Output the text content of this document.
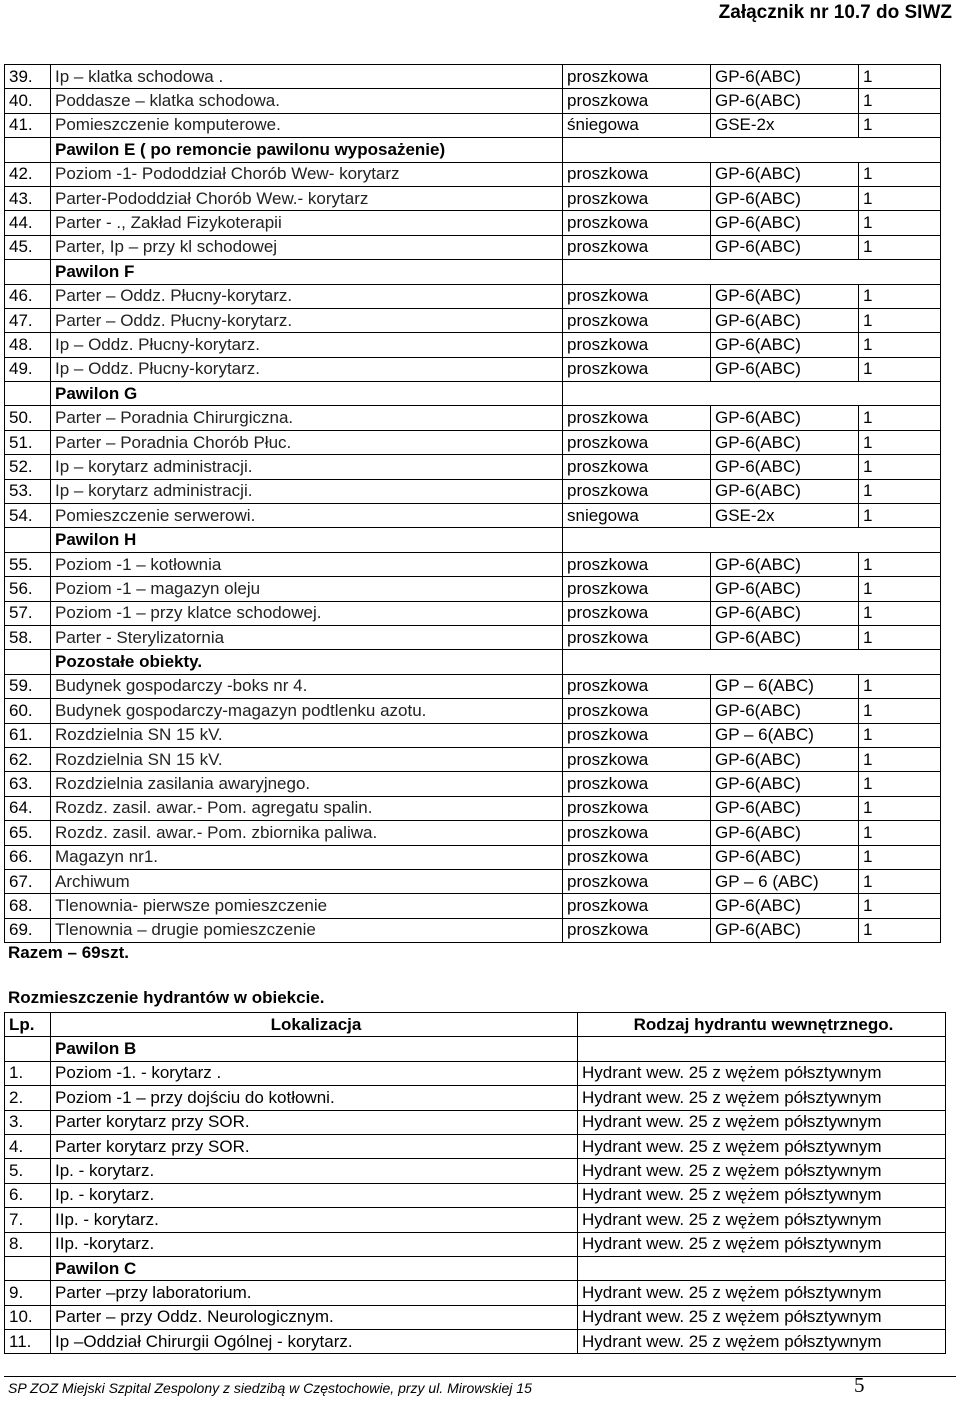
Załącznik nr 10.7 do SIWZ
39.	Ip – klatka schodowa .	proszkowa	GP-6(ABC)	1
40.	Poddasze – klatka schodowa.	proszkowa	GP-6(ABC)	1
41.	Pomieszczenie komputerowe.	śniegowa	GSE-2x	1
	Pawilon E ( po remoncie pawilonu wyposażenie)			
42.	Poziom -1- Pododdział Chorób Wew- korytarz	proszkowa	GP-6(ABC)	1
43.	Parter-Pododdział Chorób Wew.- korytarz	proszkowa	GP-6(ABC)	1
44.	Parter - ., Zakład Fizykoterapii	proszkowa	GP-6(ABC)	1
45.	Parter, Ip – przy kl schodowej	proszkowa	GP-6(ABC)	1
	Pawilon F			
46.	Parter – Oddz. Płucny-korytarz.	proszkowa	GP-6(ABC)	1
47.	Parter – Oddz. Płucny-korytarz.	proszkowa	GP-6(ABC)	1
48.	Ip – Oddz. Płucny-korytarz.	proszkowa	GP-6(ABC)	1
49.	Ip – Oddz. Płucny-korytarz.	proszkowa	GP-6(ABC)	1
	Pawilon G			
50.	Parter – Poradnia Chirurgiczna.	proszkowa	GP-6(ABC)	1
51.	Parter – Poradnia Chorób Płuc.	proszkowa	GP-6(ABC)	1
52.	Ip – korytarz administracji.	proszkowa	GP-6(ABC)	1
53.	Ip – korytarz administracji.	proszkowa	GP-6(ABC)	1
54.	Pomieszczenie serwerowi.	sniegowa	GSE-2x	1
	Pawilon H			
55.	Poziom -1 – kotłownia	proszkowa	GP-6(ABC)	1
56.	Poziom -1 – magazyn oleju	proszkowa	GP-6(ABC)	1
57.	Poziom -1 – przy klatce schodowej.	proszkowa	GP-6(ABC)	1
58.	Parter - Sterylizatornia	proszkowa	GP-6(ABC)	1
	Pozostałe obiekty.			
59.	Budynek gospodarczy -boks nr 4.	proszkowa	GP – 6(ABC)	1
60.	Budynek gospodarczy-magazyn podtlenku azotu.	proszkowa	GP-6(ABC)	1
61.	Rozdzielnia SN 15 kV.	proszkowa	GP – 6(ABC)	1
62.	Rozdzielnia SN 15 kV.	proszkowa	GP-6(ABC)	1
63.	Rozdzielnia zasilania awaryjnego.	proszkowa	GP-6(ABC)	1
64.	Rozdz. zasil. awar.- Pom. agregatu spalin.	proszkowa	GP-6(ABC)	1
65.	Rozdz. zasil. awar.- Pom. zbiornika paliwa.	proszkowa	GP-6(ABC)	1
66.	Magazyn nr1.	proszkowa	GP-6(ABC)	1
67.	Archiwum	proszkowa	GP – 6 (ABC)	1
68.	Tlenownia- pierwsze pomieszczenie	proszkowa	GP-6(ABC)	1
69.	Tlenownia – drugie pomieszczenie	proszkowa	GP-6(ABC)	1
Razem – 69szt.
Rozmieszczenie hydrantów w obiekcie.
Lp.	Lokalizacja	Rodzaj hydrantu wewnętrznego.
	Pawilon B	
1.	Poziom -1. - korytarz .	Hydrant wew. 25 z wężem półsztywnym
2.	Poziom -1 – przy dojściu do kotłowni.	Hydrant wew. 25 z wężem półsztywnym
3.	Parter korytarz przy SOR.	Hydrant wew. 25 z wężem półsztywnym
4.	Parter korytarz przy SOR.	Hydrant wew. 25 z wężem półsztywnym
5.	Ip. - korytarz.	Hydrant wew. 25 z wężem półsztywnym
6.	Ip. - korytarz.	Hydrant wew. 25 z wężem półsztywnym
7.	IIp. - korytarz.	Hydrant wew. 25 z wężem półsztywnym
8.	IIp. -korytarz.	Hydrant wew. 25 z wężem półsztywnym
	Pawilon C	
9.	Parter –przy laboratorium.	Hydrant wew. 25 z wężem półsztywnym
10.	Parter – przy Oddz. Neurologicznym.	Hydrant wew. 25 z wężem półsztywnym
11.	Ip –Oddział Chirurgii Ogólnej - korytarz.	Hydrant wew. 25 z wężem półsztywnym
SP ZOZ Miejski Szpital Zespolony z siedzibą w Częstochowie, przy ul. Mirowskiej 15	5
